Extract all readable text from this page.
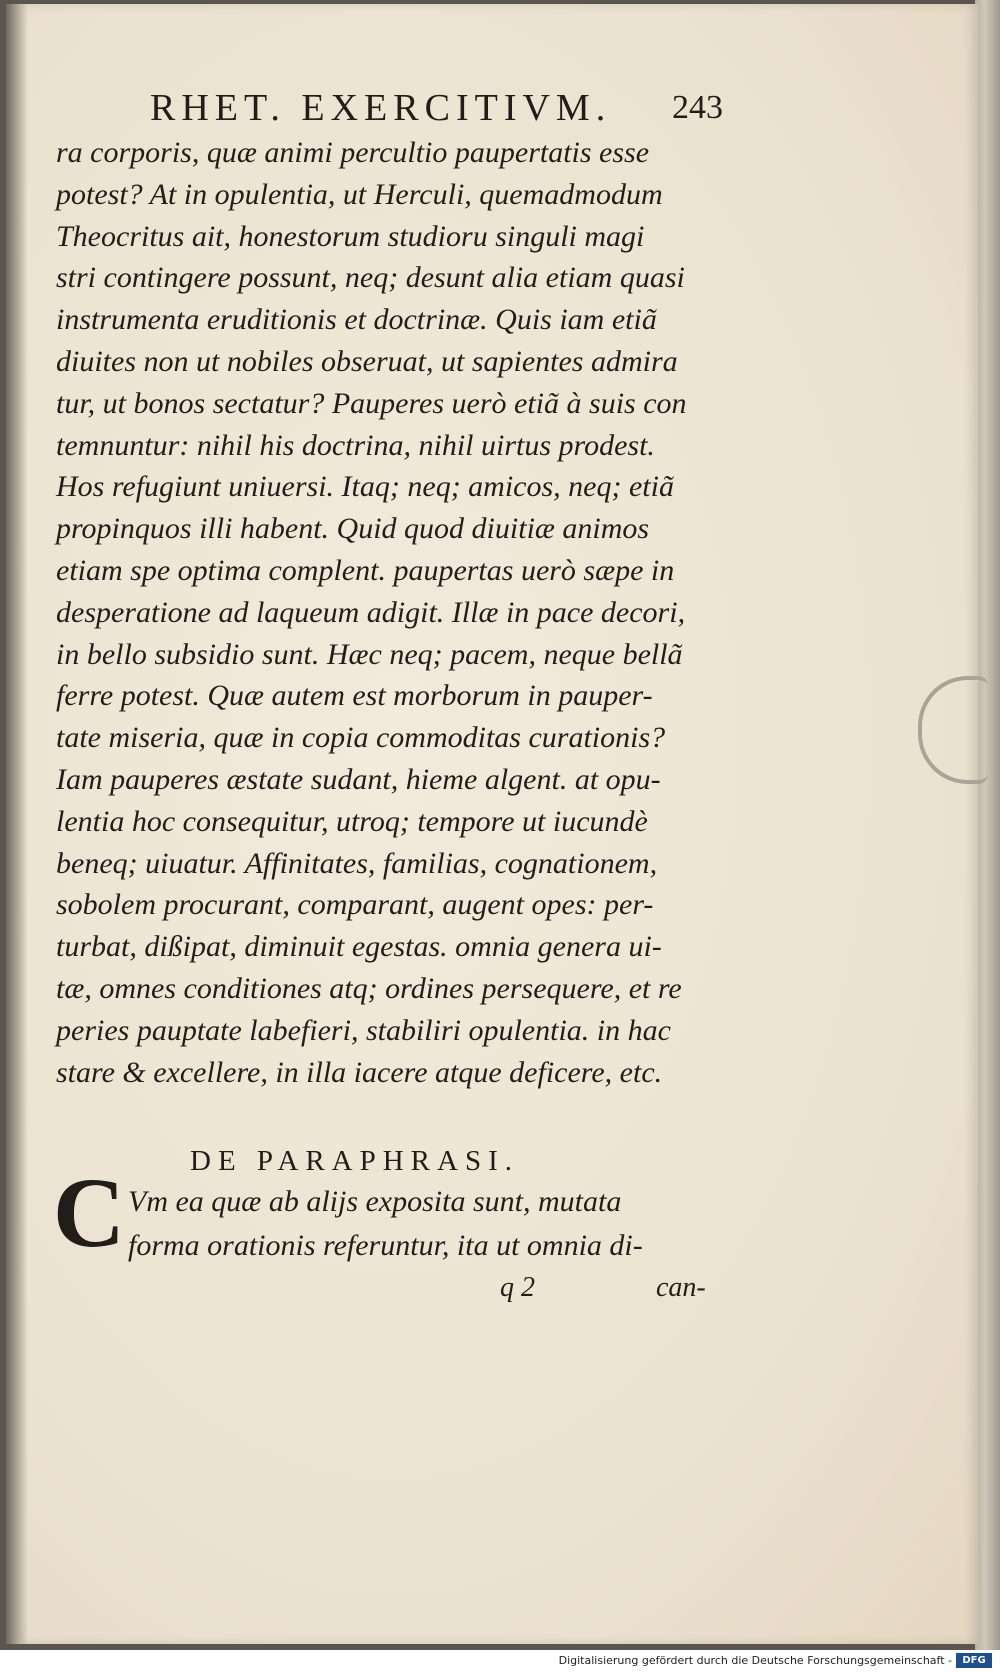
RHET. EXERCITIVM.	243
ra corporis, quæ animi percultio paupertatis esse
potest? At in opulentia, ut Herculi, quemadmodum
Theocritus ait, honestorum studioru singuli magi
stri contingere possunt, neq; desunt alia etiam quasi
instrumenta eruditionis et doctrinæ. Quis iam etiã
diuites non ut nobiles obseruat, ut sapientes admira
tur, ut bonos sectatur? Pauperes uerò etiã à suis con
temnuntur: nihil his doctrina, nihil uirtus prodest.
Hos refugiunt uniuersi. Itaq; neq; amicos, neq; etiã
propinquos illi habent. Quid quod diuitiæ animos
etiam spe optima complent. paupertas uerò sæpe in
desperatione ad laqueum adigit. Illæ in pace decori,
in bello subsidio sunt. Hæc neq; pacem, neque bellã
ferre potest. Quæ autem est morborum in pauper-
tate miseria, quæ in copia commoditas curationis?
Iam pauperes æstate sudant, hieme algent. at opu-
lentia hoc consequitur, utroq; tempore ut iucundè
beneq; uiuatur. Affinitates, familias, cognationem,
sobolem procurant, comparant, augent opes: per-
turbat, dißipat, diminuit egestas. omnia genera ui-
tæ, omnes conditiones atq; ordines persequere, et re
peries pauptate labefieri, stabiliri opulentia. in hac
stare & excellere, in illa iacere atque deficere, etc.
DE PARAPHRASI.
C Vm ea quæ ab alijs exposita sunt, mutata
forma orationis referuntur, ita ut omnia di-
q 2	can-
Digitalisierung gefördert durch die Deutsche Forschungsgemeinschaft -	DFG
